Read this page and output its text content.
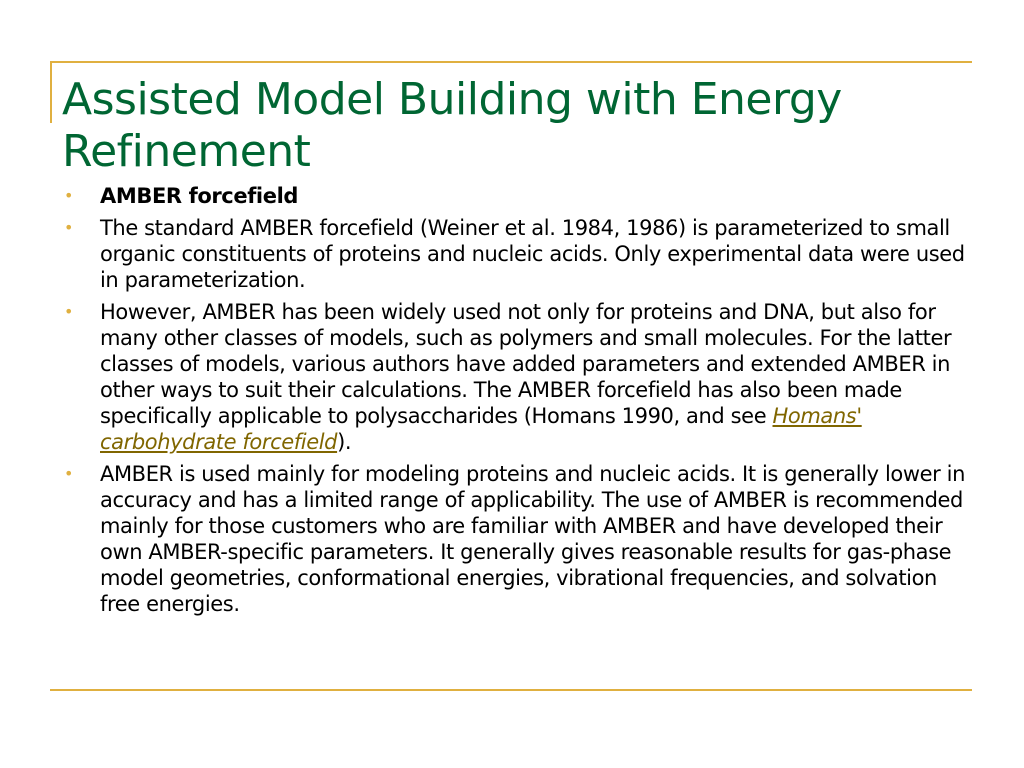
Assisted Model Building with Energy Refinement
• AMBER forcefield
• The standard AMBER forcefield (Weiner et al. 1984, 1986) is parameterized to small organic constituents of proteins and nucleic acids. Only experimental data were used in parameterization.
• However, AMBER has been widely used not only for proteins and DNA, but also for many other classes of models, such as polymers and small molecules. For the latter classes of models, various authors have added parameters and extended AMBER in other ways to suit their calculations. The AMBER forcefield has also been made specifically applicable to polysaccharides (Homans 1990, and see Homans' carbohydrate forcefield).
• AMBER is used mainly for modeling proteins and nucleic acids. It is generally lower in accuracy and has a limited range of applicability. The use of AMBER is recommended mainly for those customers who are familiar with AMBER and have developed their own AMBER-specific parameters. It generally gives reasonable results for gas-phase model geometries, conformational energies, vibrational frequencies, and solvation free energies.
